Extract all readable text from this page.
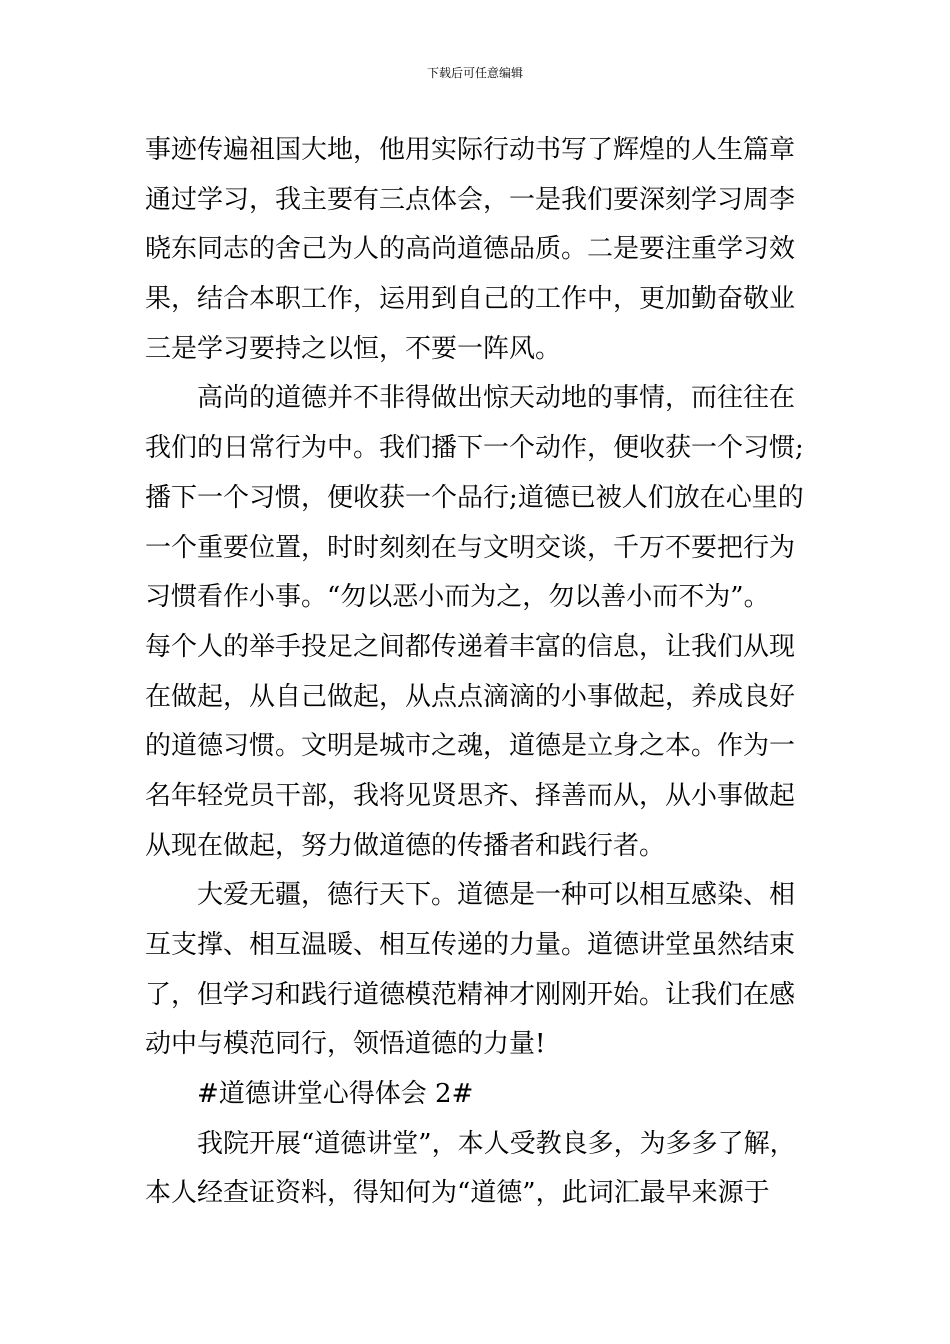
下载后可任意编辑
事迹传遍祖国大地，他用实际行动书写了辉煌的人生篇章
通过学习，我主要有三点体会，一是我们要深刻学习周李
晓东同志的舍己为人的高尚道德品质。二是要注重学习效
果，结合本职工作，运用到自己的工作中，更加勤奋敬业
三是学习要持之以恒，不要一阵风。
高尚的道德并不非得做出惊天动地的事情，而往往在
我们的日常行为中。我们播下一个动作，便收获一个习惯;
播下一个习惯，便收获一个品行;道德已被人们放在心里的
一个重要位置，时时刻刻在与文明交谈，千万不要把行为
习惯看作小事。“勿以恶小而为之，勿以善小而不为”。
每个人的举手投足之间都传递着丰富的信息，让我们从现
在做起，从自己做起，从点点滴滴的小事做起，养成良好
的道德习惯。文明是城市之魂，道德是立身之本。作为一
名年轻党员干部，我将见贤思齐、择善而从，从小事做起
从现在做起，努力做道德的传播者和践行者。
大爱无疆，德行天下。道德是一种可以相互感染、相
互支撑、相互温暖、相互传递的力量。道德讲堂虽然结束
了，但学习和践行道德模范精神才刚刚开始。让我们在感
动中与模范同行，领悟道德的力量!
#道德讲堂心得体会 2#
我院开展“道德讲堂”，本人受教良多，为多多了解，
本人经查证资料，得知何为“道德”，此词汇最早来源于
